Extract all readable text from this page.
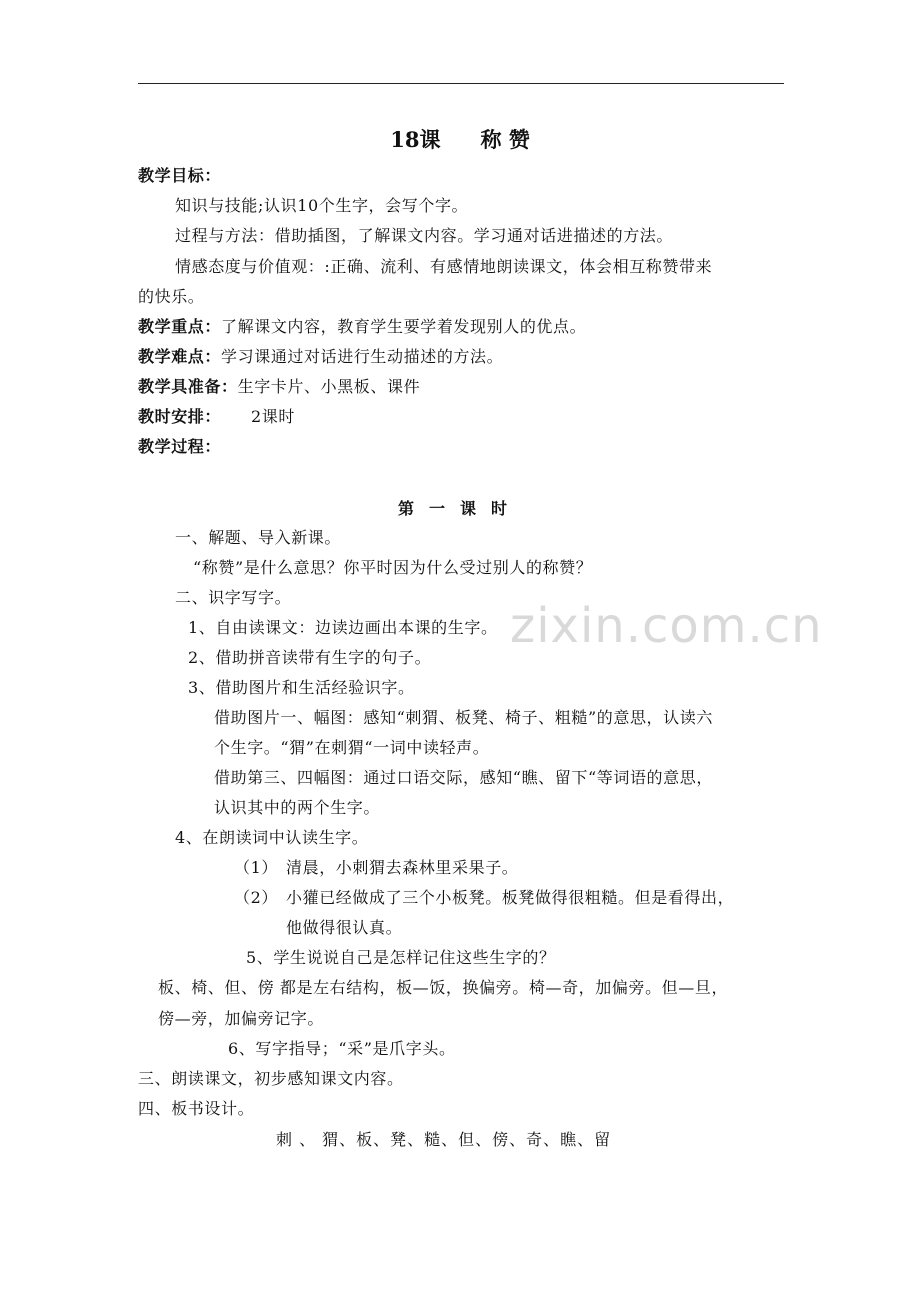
18课 称 赞
教学目标：
知识与技能;认识10个生字，会写个字。
过程与方法：借助插图，了解课文内容。学习通对话进描述的方法。
情感态度与价值观：:正确、流利、有感情地朗读课文，体会相互称赞带来
的快乐。
教学重点：了解课文内容，教育学生要学着发现别人的优点。
教学难点：学习课通过对话进行生动描述的方法。
教学具准备：生字卡片、小黑板、课件
教时安排： 2课时
教学过程：
第一课时
zixin.com.cn
一、解题、导入新课。
“称赞”是什么意思？你平时因为什么受过别人的称赞？
二、识字写字。
1、自由读课文：边读边画出本课的生字。
2、借助拼音读带有生字的句子。
3、借助图片和生活经验识字。
借助图片一、幅图：感知“刺猬、板凳、椅子、粗糙”的意思，认读六
个生字。“猬”在刺猬“一词中读轻声。
借助第三、四幅图：通过口语交际，感知“瞧、留下“等词语的意思，
认识其中的两个生字。
4、在朗读词中认读生字。
（1） 清晨，小刺猬去森林里采果子。
（2） 小獾已经做成了三个小板凳。板凳做得很粗糙。但是看得出，
他做得很认真。
5、学生说说自己是怎样记住这些生字的？
板、椅、但、傍 都是左右结构，板—饭，换偏旁。椅—奇，加偏旁。但—旦，
傍—旁，加偏旁记字。
6、写字指导；“采”是爪字头。
三、朗读课文，初步感知课文内容。
四、板书设计。
刺 、 猬、板、凳、糙、但、傍、奇、瞧、留
